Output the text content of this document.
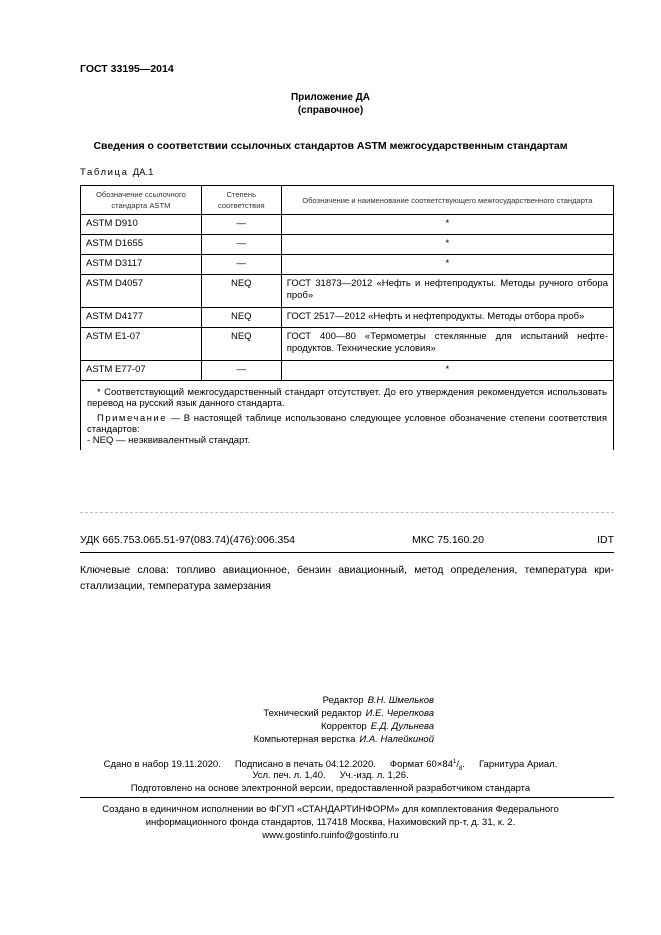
ГОСТ 33195—2014
Приложение ДА
(справочное)
Сведения о соответствии ссылочных стандартов ASTM межгосударственным стандартам
Таблица ДА.1
Обозначение ссылочного стандарта ASTM	Степень соответствия	Обозначение и наименование соответствующего межгосударственного стандарта
ASTM D910	—	*
ASTM D1655	—	*
ASTM D3117	—	*
ASTM D4057	NEQ	ГОСТ 31873—2012 «Нефть и нефтепродукты. Методы ручного отбора проб»
ASTM D4177	NEQ	ГОСТ 2517—2012 «Нефть и нефтепродукты. Методы отбора проб»
ASTM E1-07	NEQ	ГОСТ 400—80 «Термометры стеклянные для испытаний нефтепродуктов. Технические условия»
ASTM E77-07	—	*

* Соответствующий межгосударственный стандарт отсутствует. До его утверждения рекомендуется использовать перевод на русский язык данного стандарта.

Примечание — В настоящей таблице использовано следующее условное обозначение степени соответствия стандартов:

- NEQ — неэквивалентный стандарт.		

УДК 665.753.065.51-97(083.74)(476):006.354	МКС 75.160.20	IDT
Ключевые слова: топливо авиационное, бензин авиационный, метод определения, температура кристаллизации, температура замерзания
Редактор В.Н. Шмельков
Технический редактор И.Е. Черепкова
Корректор Е.Д. Дульнева
Компьютерная верстка И.А. Налейкиной
Сдано в набор 19.11.2020. Подписано в печать 04.12.2020. Формат $60\times 84^1/_8$. Гарнитура Ариал.
Усл. печ. л. 1,40. Уч.-изд. л. 1,26.
Подготовлено на основе электронной версии, предоставленной разработчиком стандарта
Создано в единичном исполнении во ФГУП «СТАНДАРТИНФОРМ» для комплектования Федерального
информационного фонда стандартов, 117418 Москва, Нахимовский пр-т, д. 31, к. 2.
www.gostinfo.ruinfo@gostinfo.ru
